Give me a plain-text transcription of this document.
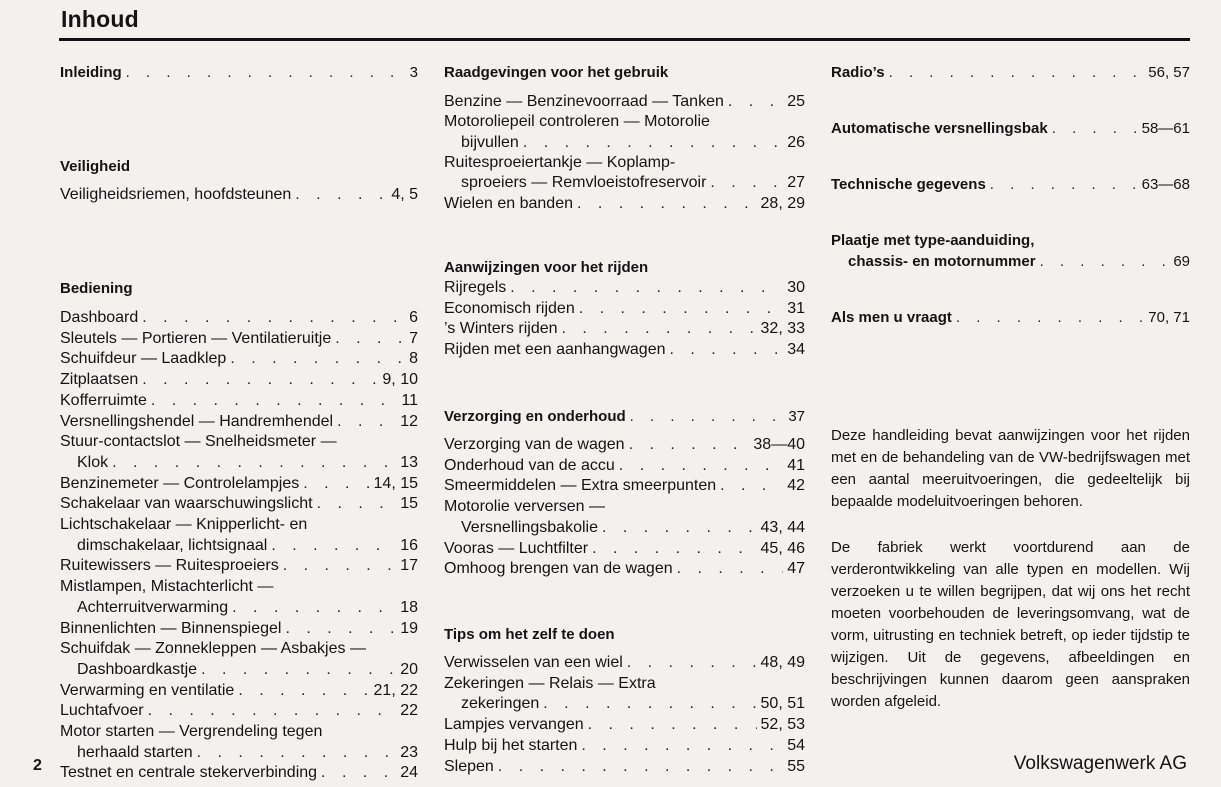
Inhoud
Inleiding . . .	3
Veiligheid
Veiligheidsriemen, hoofdsteunen . . .	4, 5
Bediening
Dashboard . . .	6
Sleutels — Portieren — Ventilatieruitje . . .	7
Schuifdeur — Laadklep . . .	8
Zitplaatsen . . .	9, 10
Kofferruimte . . .	11
Versnellingshendel — Handremhendel . . .	12
Stuur-contactslot — Snelheidsmeter —
Klok . . .	13
Benzinemeter — Controlelampjes . . .	14, 15
Schakelaar van waarschuwingslicht . . .	15
Lichtschakelaar — Knipperlicht- en
dimschakelaar, lichtsignaal . . .	16
Ruitewissers — Ruitesproeiers . . .	17
Mistlampen, Mistachterlicht —
Achterruitverwarming . . .	18
Binnenlichten — Binnenspiegel . . .	19
Schuifdak — Zonnekleppen — Asbakjes —
Dashboardkastje . . .	20
Verwarming en ventilatie . . .	21, 22
Luchtafvoer . . .	22
Motor starten — Vergrendeling tegen
herhaald starten . . .	23
Testnet en centrale stekerverbinding . . .	24
Raadgevingen voor het gebruik
Benzine — Benzinevoorraad — Tanken . . .	25
Motoroliepeil controleren — Motorolie
bijvullen . . .	26
Ruitesproeiertankje — Koplamp-
sproeiers — Remvloeistofreservoir . . .	27
Wielen en banden . . .	28, 29
Aanwijzingen voor het rijden
Rijregels . . .	30
Economisch rijden . . .	31
’s Winters rijden . . .	32, 33
Rijden met een aanhangwagen . . .	34
Verzorging en onderhoud . . .	37
Verzorging van de wagen . . .	38—40
Onderhoud van de accu . . .	41
Smeermiddelen — Extra smeerpunten . . .	42
Motorolie verversen —
Versnellingsbakolie . . .	43, 44
Vooras — Luchtfilter . . .	45, 46
Omhoog brengen van de wagen . . .	47
Tips om het zelf te doen
Verwisselen van een wiel . . .	48, 49
Zekeringen — Relais — Extra
zekeringen . . .	50, 51
Lampjes vervangen . . .	52, 53
Hulp bij het starten . . .	54
Slepen . . .	55
Radio’s . . .	56, 57
Automatische versnellingsbak . . .	58—61
Technische gegevens . . .	63—68
Plaatje met type-aanduiding,
chassis- en motornummer . . .	69
Als men u vraagt . . .	70, 71
Deze handleiding bevat aanwijzingen voor het rijden met en de behandeling van de VW-bedrijfswagen met een aantal meeruitvoeringen, die gedeeltelijk bij bepaalde modeluitvoeringen behoren.
De fabriek werkt voortdurend aan de verderontwikkeling van alle typen en modellen. Wij verzoeken u te willen begrijpen, dat wij ons het recht moeten voorbehouden de leveringsomvang, wat de vorm, uitrusting en techniek betreft, op ieder tijdstip te wijzigen. Uit de gegevens, afbeeldingen en beschrijvingen kunnen daarom geen aanspraken worden afgeleid.
2	Volkswagenwerk AG
